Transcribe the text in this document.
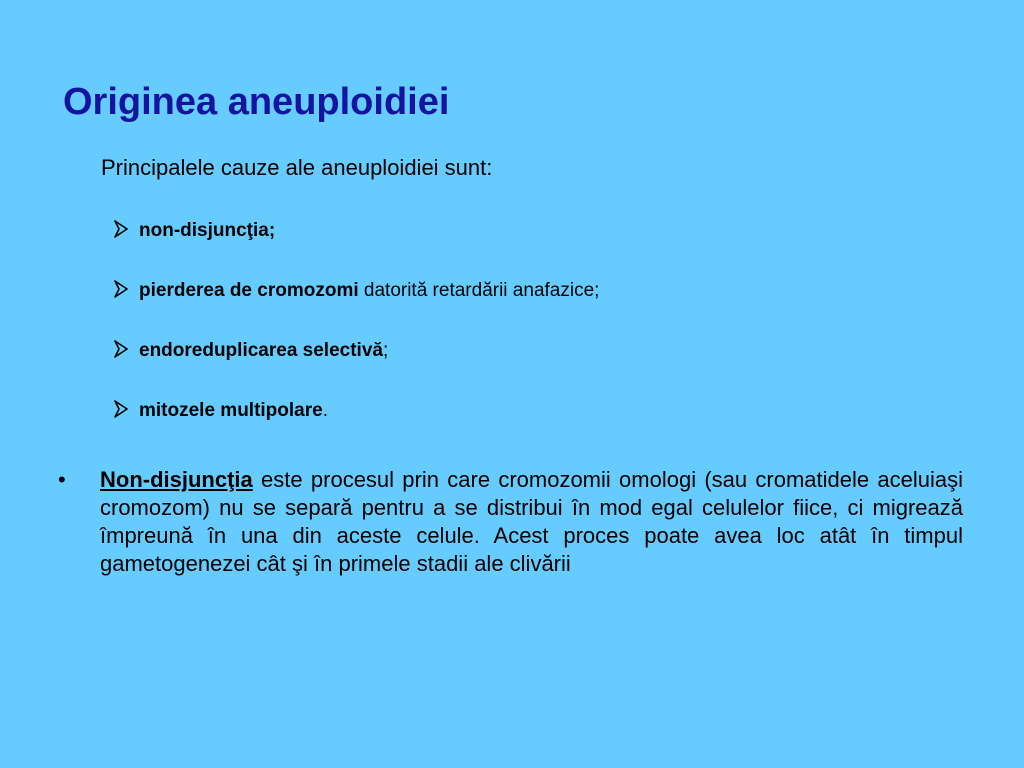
Originea aneuploidiei
Principalele cauze ale aneuploidiei sunt:
non-disjuncţia;
pierderea de cromozomi datorită retardării anafazice;
endoreduplicarea selectivă;
mitozele multipolare.
• Non-disjuncţia este procesul prin care cromozomii omologi (sau cromatidele aceluiaşi cromozom) nu se separă pentru a se distribui în mod egal celulelor fiice, ci migrează împreună în una din aceste celule. Acest proces poate avea loc atât în timpul gametogenezei cât şi în primele stadii ale clivării
